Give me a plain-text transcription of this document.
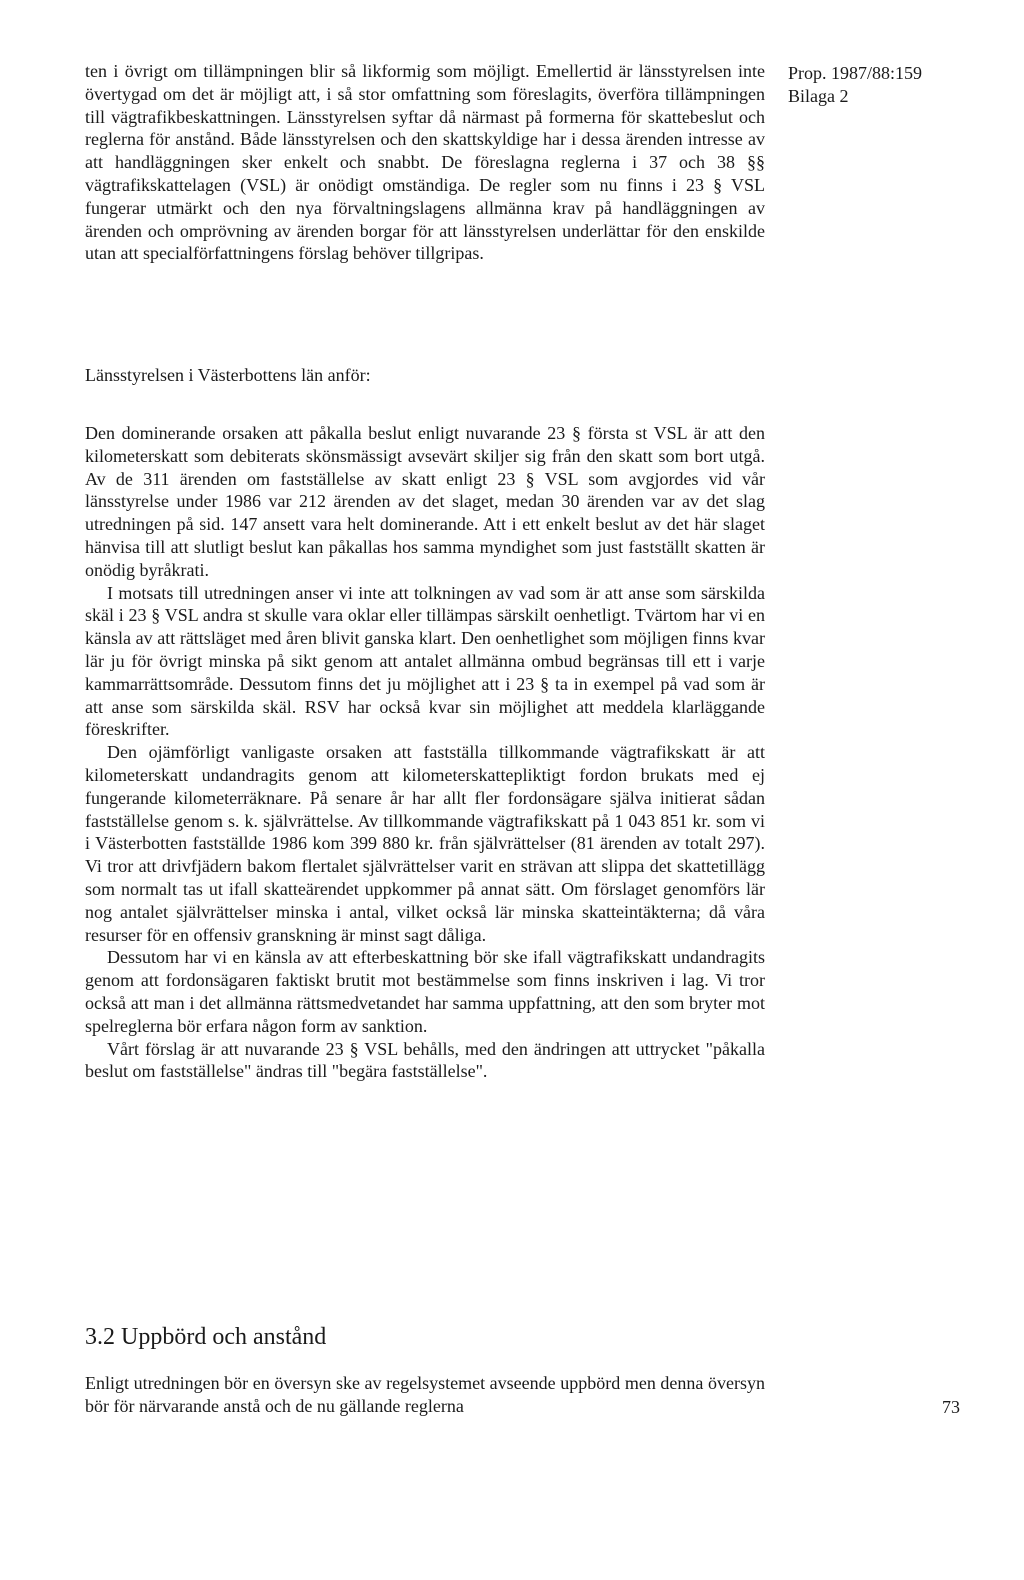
Prop. 1987/88:159
Bilaga 2

ten i övrigt om tillämpningen blir så likformig som möjligt. Emellertid är länsstyrelsen inte övertygad om det är möjligt att, i så stor omfattning som föreslagits, överföra tillämpningen till vägtrafikbeskattningen. Länsstyrelsen syftar då närmast på formerna för skattebeslut och reglerna för anstånd. Både länsstyrelsen och den skattskyldige har i dessa ärenden intresse av att handläggningen sker enkelt och snabbt. De föreslagna reglerna i 37 och 38 §§ vägtrafikskattelagen (VSL) är onödigt omständiga. De regler som nu finns i 23 § VSL fungerar utmärkt och den nya förvaltningslagens allmänna krav på handläggningen av ärenden och omprövning av ärenden borgar för att länsstyrelsen underlättar för den enskilde utan att specialförfattningens förslag behöver tillgripas.

Länsstyrelsen i Västerbottens län anför:

Den dominerande orsaken att påkalla beslut enligt nuvarande 23 § första st VSL är att den kilometerskatt som debiterats skönsmässigt avsevärt skiljer sig från den skatt som bort utgå. Av de 311 ärenden om fastställelse av skatt enligt 23 § VSL som avgjordes vid vår länsstyrelse under 1986 var 212 ärenden av det slaget, medan 30 ärenden var av det slag utredningen på sid. 147 ansett vara helt dominerande. Att i ett enkelt beslut av det här slaget hänvisa till att slutligt beslut kan påkallas hos samma myndighet som just fastställt skatten är onödig byråkrati.

I motsats till utredningen anser vi inte att tolkningen av vad som är att anse som särskilda skäl i 23 § VSL andra st skulle vara oklar eller tillämpas särskilt oenhetligt. Tvärtom har vi en känsla av att rättsläget med åren blivit ganska klart. Den oenhetlighet som möjligen finns kvar lär ju för övrigt minska på sikt genom att antalet allmänna ombud begränsas till ett i varje kammarrättsområde. Dessutom finns det ju möjlighet att i 23 § ta in exempel på vad som är att anse som särskilda skäl. RSV har också kvar sin möjlighet att meddela klarläggande föreskrifter.

Den ojämförligt vanligaste orsaken att fastställa tillkommande vägtrafikskatt är att kilometerskatt undandragits genom att kilometerskattepliktigt fordon brukats med ej fungerande kilometerräknare. På senare år har allt fler fordonsägare själva initierat sådan fastställelse genom s. k. självrättelse. Av tillkommande vägtrafikskatt på 1 043 851 kr. som vi i Västerbotten fastställde 1986 kom 399 880 kr. från självrättelser (81 ärenden av totalt 297). Vi tror att drivfjädern bakom flertalet självrättelser varit en strävan att slippa det skattetillägg som normalt tas ut ifall skatteärendet uppkommer på annat sätt. Om förslaget genomförs lär nog antalet självrättelser minska i antal, vilket också lär minska skatteintäkterna; då våra resurser för en offensiv granskning är minst sagt dåliga.

Dessutom har vi en känsla av att efterbeskattning bör ske ifall vägtrafikskatt undandragits genom att fordonsägaren faktiskt brutit mot bestämmelse som finns inskriven i lag. Vi tror också att man i det allmänna rättsmedvetandet har samma uppfattning, att den som bryter mot spelreglerna bör erfara någon form av sanktion.

Vårt förslag är att nuvarande 23 § VSL behålls, med den ändringen att uttrycket "påkalla beslut om fastställelse" ändras till "begära fastställelse".

3.2 Uppbörd och anstånd

Enligt utredningen bör en översyn ske av regelsystemet avseende uppbörd men denna översyn bör för närvarande anstå och de nu gällande reglerna	73
